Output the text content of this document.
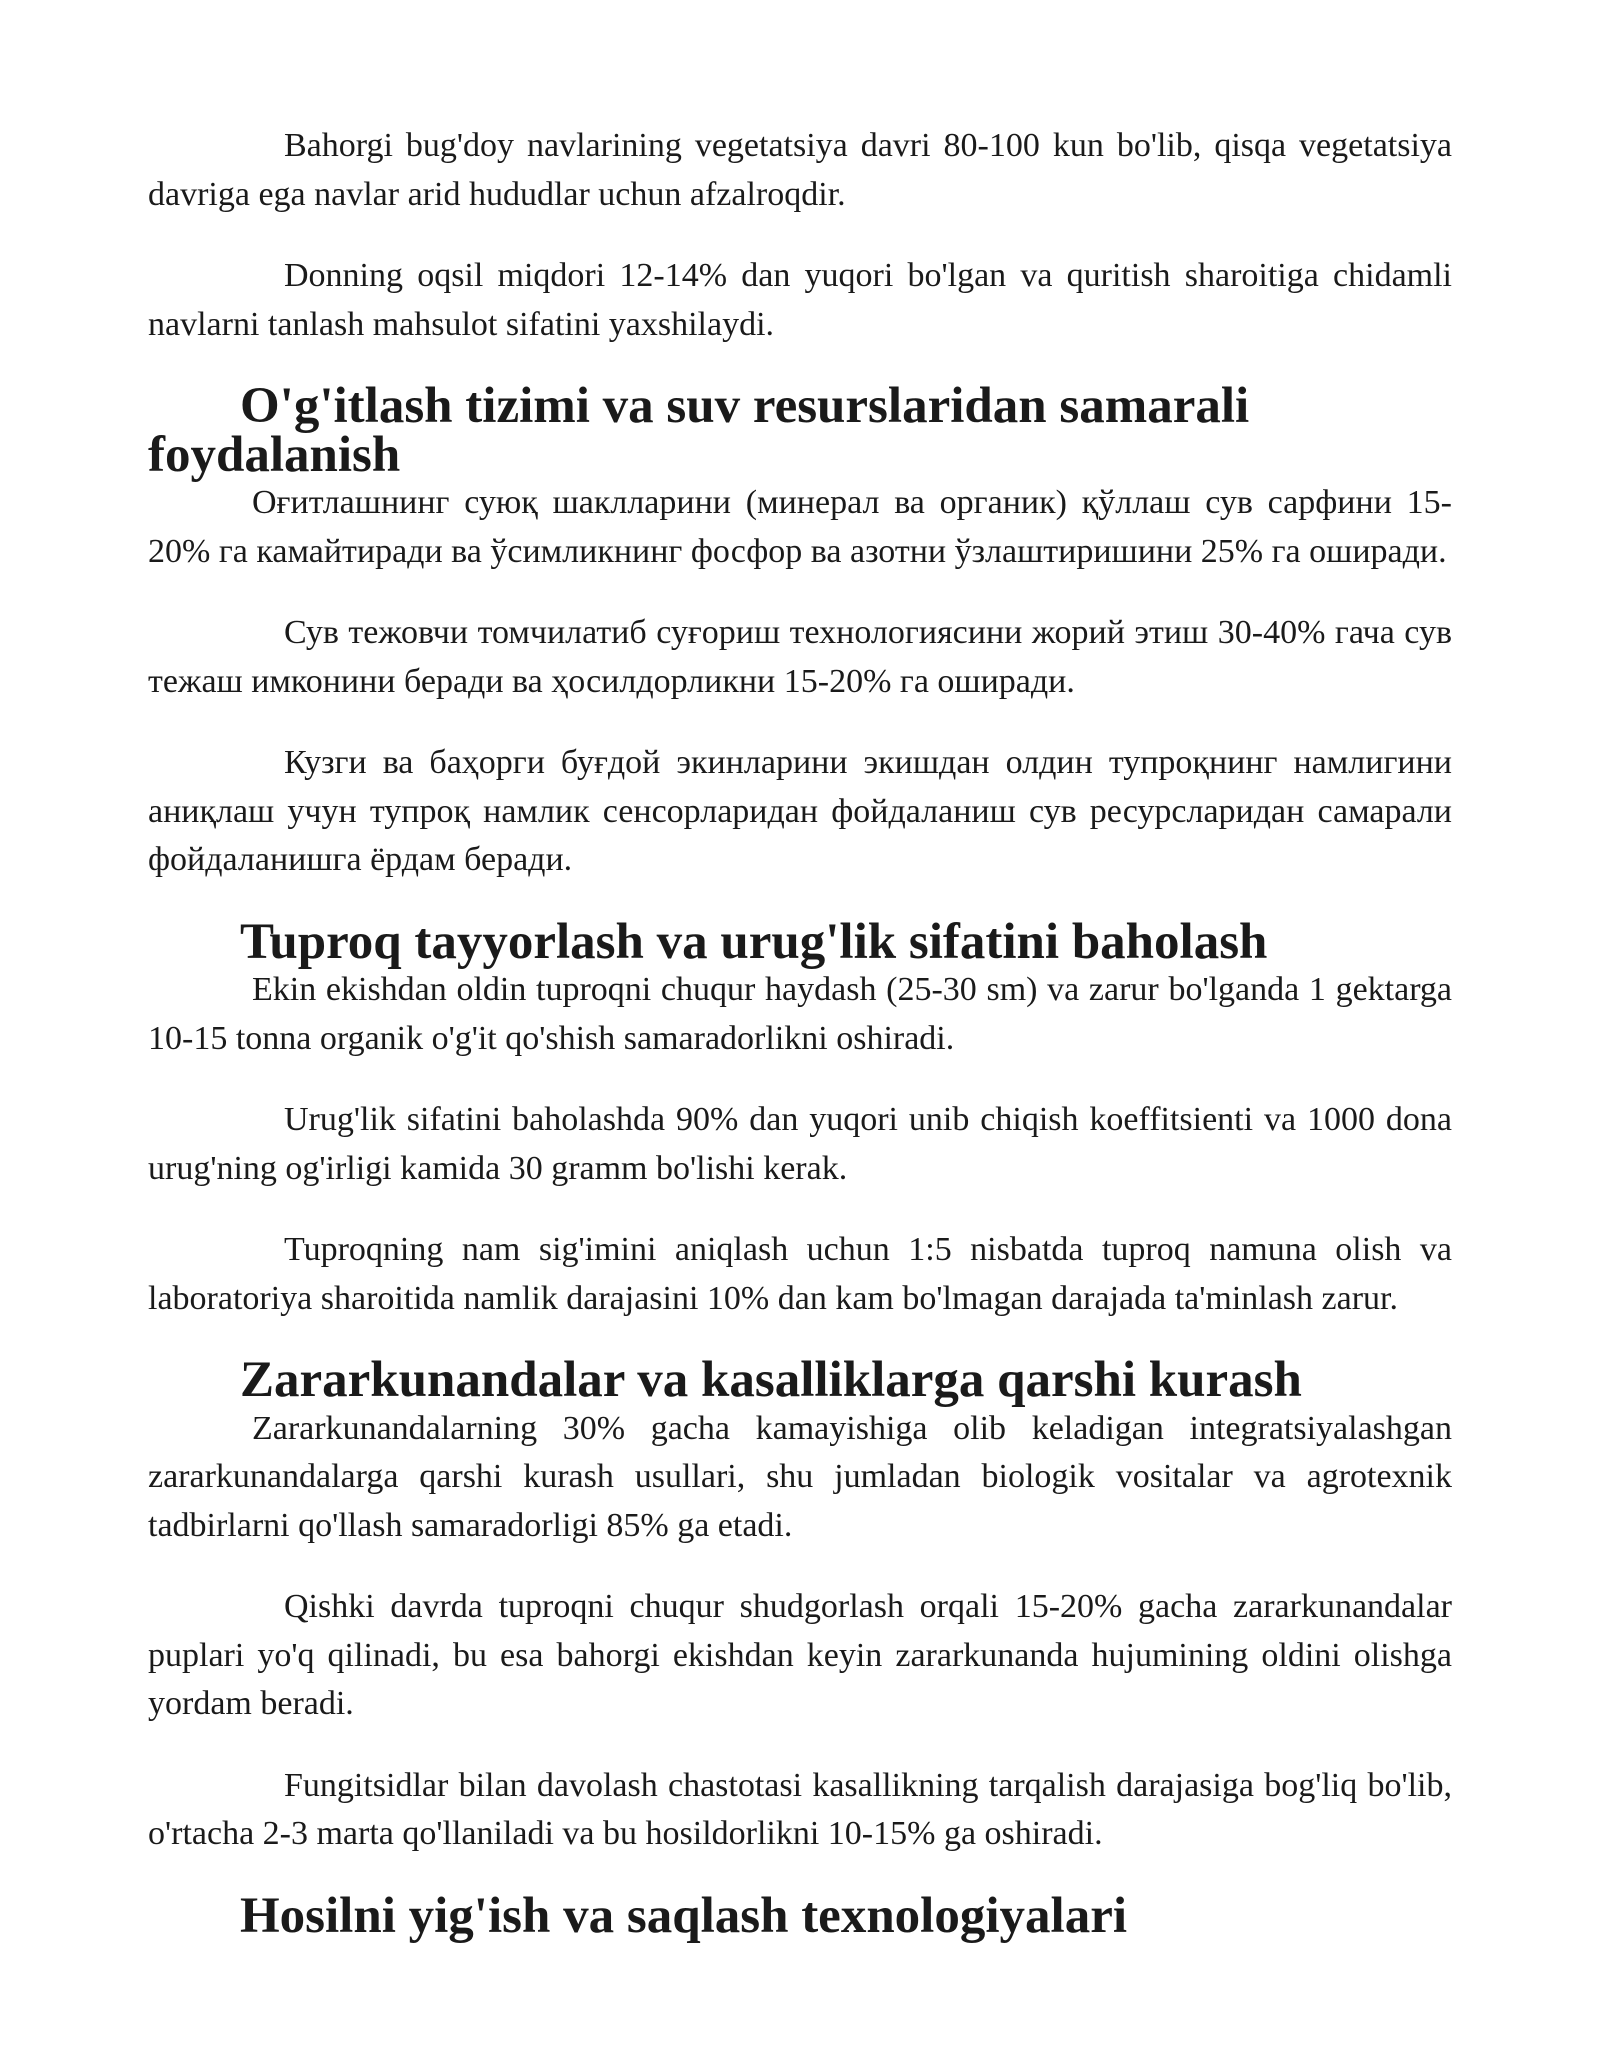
Bahorgi bug'doy navlarining vegetatsiya davri 80-100 kun bo'lib, qisqa vegetatsiya davriga ega navlar arid hududlar uchun afzalroqdir.

Donning oqsil miqdori 12-14% dan yuqori bo'lgan va quritish sharoitiga chidamli navlarni tanlash mahsulot sifatini yaxshilaydi.

O'g'itlash tizimi va suv resurslaridan samarali foydalanish

Оғитлашнинг суюқ шаклларини (минерал ва органик) қўллаш сув сарфини 15-20% га камайтиради ва ўсимликнинг фосфор ва азотни ўзлаштиришини 25% га оширади.

Сув тежовчи томчилатиб суғориш технологиясини жорий этиш 30-40% гача сув тежаш имконини беради ва ҳосилдорликни 15-20% га оширади.

Кузги ва баҳорги буғдой экинларини экишдан олдин тупроқнинг намлигини аниқлаш учун тупроқ намлик сенсорларидан фойдаланиш сув ресурсларидан самарали фойдаланишга ёрдам беради.

Tuproq tayyorlash va urug'lik sifatini baholash

Ekin ekishdan oldin tuproqni chuqur haydash (25-30 sm) va zarur bo'lganda 1 gektarga 10-15 tonna organik o'g'it qo'shish samaradorlikni oshiradi.

Urug'lik sifatini baholashda 90% dan yuqori unib chiqish koeffitsienti va 1000 dona urug'ning og'irligi kamida 30 gramm bo'lishi kerak.

Tuproqning nam sig'imini aniqlash uchun 1:5 nisbatda tuproq namuna olish va laboratoriya sharoitida namlik darajasini 10% dan kam bo'lmagan darajada ta'minlash zarur.

Zararkunandalar va kasalliklarga qarshi kurash

Zararkunandalarning 30% gacha kamayishiga olib keladigan integratsiyalashgan zararkunandalarga qarshi kurash usullari, shu jumladan biologik vositalar va agrotexnik tadbirlarni qo'llash samaradorligi 85% ga etadi.

Qishki davrda tuproqni chuqur shudgorlash orqali 15-20% gacha zararkunandalar puplari yo'q qilinadi, bu esa bahorgi ekishdan keyin zararkunanda hujumining oldini olishga yordam beradi.

Fungitsidlar bilan davolash chastotasi kasallikning tarqalish darajasiga bog'liq bo'lib, o'rtacha 2-3 marta qo'llaniladi va bu hosildorlikni 10-15% ga oshiradi.

Hosilni yig'ish va saqlash texnologiyalari
